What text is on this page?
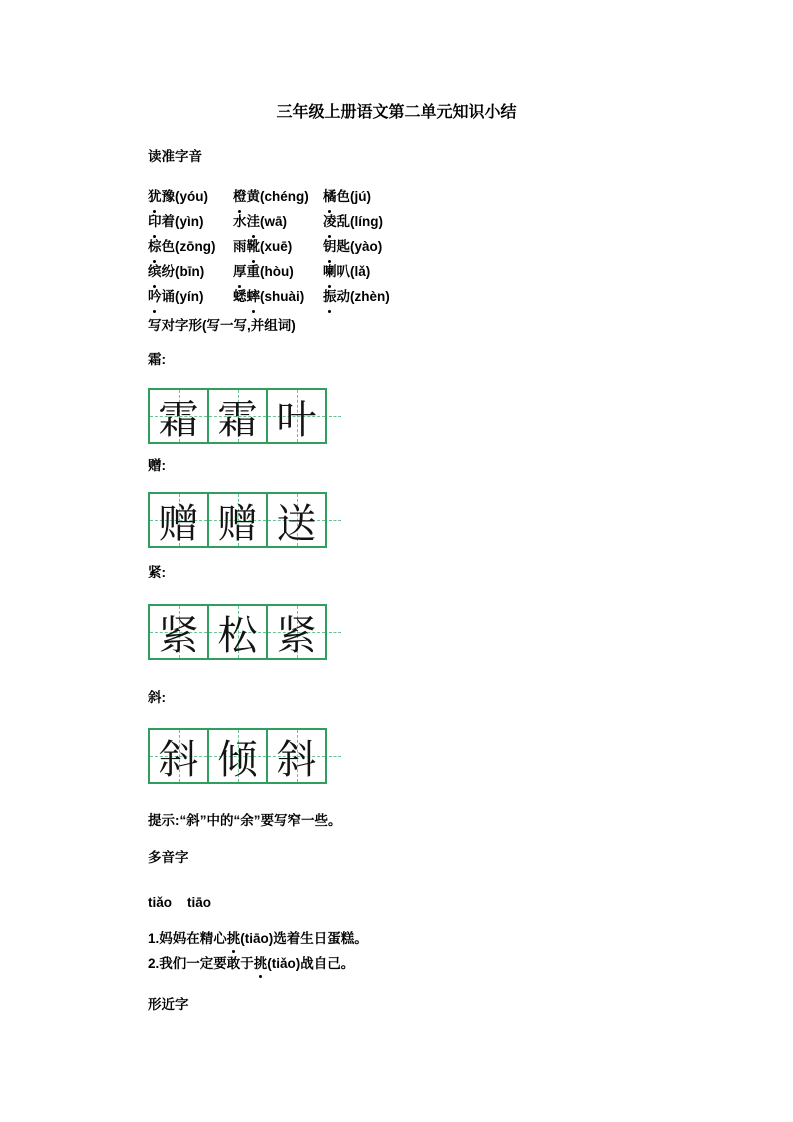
三年级上册语文第二单元知识小结
读准字音
犹豫(yóu)	橙黄(chéng)	橘色(jú)
印着(yìn)	水洼(wā)	凌乱(líng)
棕色(zōng)	雨靴(xuē)	钥匙(yào)
缤纷(bīn)	厚重(hòu)	喇叭(lǎ)
吟诵(yín)	蟋蟀(shuài)	振动(zhèn)
写对字形(写一写,并组词)
霜:
霜 霜 叶
赠:
赠 赠 送
紧:
紧 松 紧
斜:
斜 倾 斜
提示:“斜”中的“余”要写窄一些。
多音字
tiǎo    tiāo
1.妈妈在精心挑(tiāo)选着生日蛋糕。
2.我们一定要敢于挑(tiǎo)战自己。
形近字
